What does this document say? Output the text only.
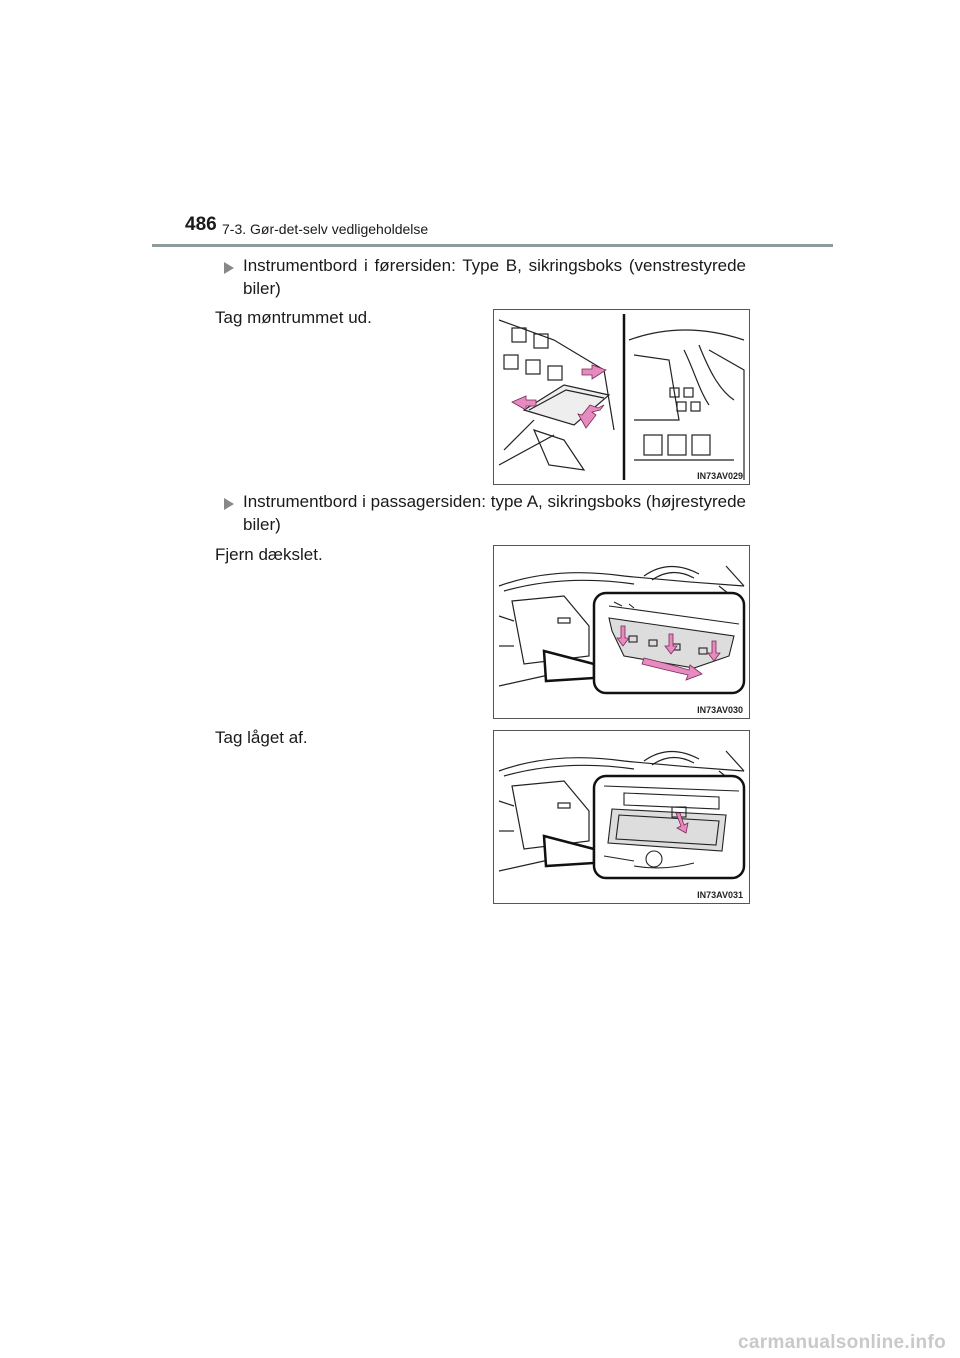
486 7-3. Gør-det-selv vedligeholdelse
Instrumentbord i førersiden: Type B, sikringsboks (venstrestyrede biler)
Tag møntrummet ud.
IN73AV029
Instrumentbord i passagersiden: type A, sikringsboks (højrestyrede biler)
Fjern dækslet.
IN73AV030
Tag låget af.
IN73AV031
carmanualsonline.info
